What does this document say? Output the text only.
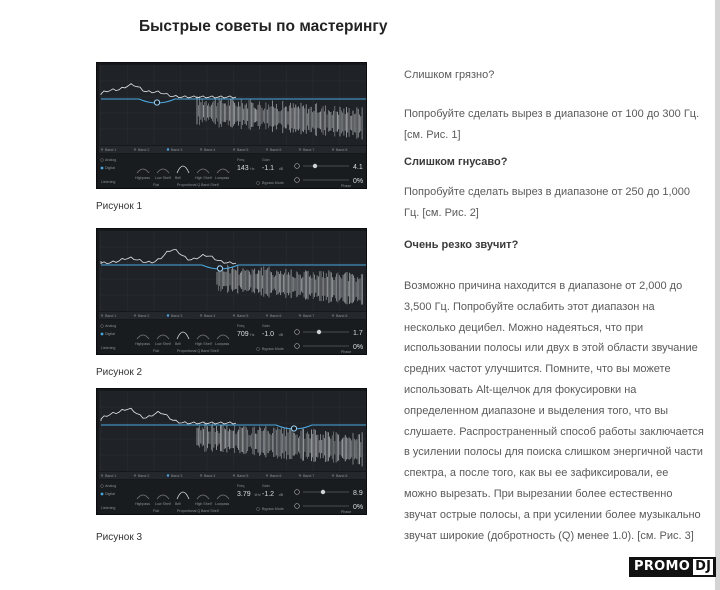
Быстрые советы по мастерингу
Band 1	Band 2	Band 3	Band 4	Band 5	Band 6	Band 7	Band 8
Analog
Digital
Listening
Highpass Low Shelf Bell	High Shelf Lowpass
Flat	Proportional Q Band Shelf
Freq
143 Hz
Gain
-1.1 dB
Bypass Mode
4.1
0%
Phase
Рисунок 1
Band 1	Band 2	Band 3	Band 4	Band 5	Band 6	Band 7	Band 8
Analog
Digital
Listening
Highpass Low Shelf Bell	High Shelf Lowpass
Flat	Proportional Q Band Shelf
Freq
709 Hz
Gain
-1.0 dB
Bypass Mode
1.7
0%
Phase
Рисунок 2
Band 1	Band 2	Band 3	Band 4	Band 5	Band 6	Band 7	Band 8
Analog
Digital
Listening
Highpass Low Shelf Bell	High Shelf Lowpass
Flat	Proportional Q Band Shelf
Freq
3.79 kHz
Gain
-1.2 dB
Bypass Mode
8.9
0%
Phase
Рисунок 3

Слишком грязно?

Попробуйте сделать вырез в диапазоне от 100 до 300 Гц. [см. Рис. 1]

Слишком гнусаво?

Попробуйте сделать вырез в диапазоне от 250 до 1,000 Гц. [см. Рис. 2]

Очень резко звучит?

Возможно причина находится в диапазоне от 2,000 до 3,500 Гц. Попробуйте ослабить этот диапазон на несколько децибел. Можно надеяться, что при использовании полосы или двух в этой области звучание средних частот улучшится. Помните, что вы можете использовать Alt-щелчок для фокусировки на определенном диапазоне и выделения того, что вы слушаете. Распространенный способ работы заключается в усилении полосы для поиска слишком энергичной части спектра, а после того, как вы ее зафиксировали, ее можно вырезать. При вырезании более естественно звучат острые полосы, а при усилении более музыкально звучат широкие (добротность (Q) менее 1.0). [см. Рис. 3]

PROMO DJ
